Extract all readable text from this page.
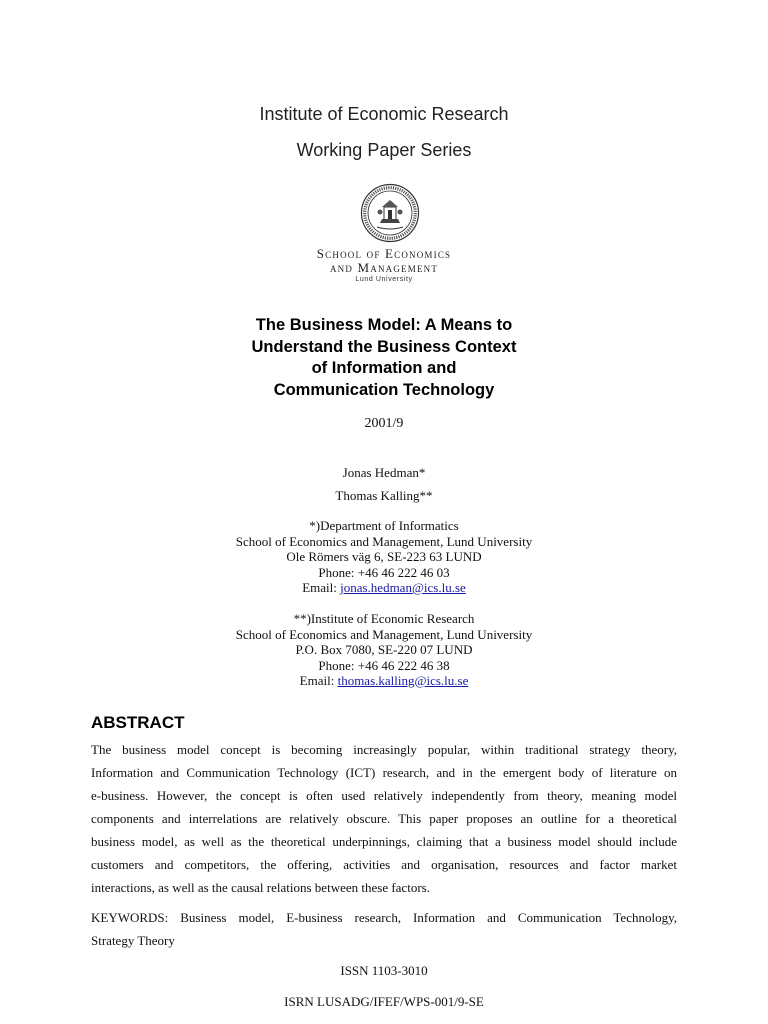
Institute of Economic Research
Working Paper Series
School of Economics
and Management
Lund University
The Business Model: A Means to
Understand the Business Context
of Information and
Communication Technology
2001/9
Jonas Hedman*
Thomas Kalling**
*)Department of Informatics
School of Economics and Management, Lund University
Ole Römers väg 6, SE-223 63 LUND
Phone: +46 46 222 46 03
Email: jonas.hedman@ics.lu.se
**)Institute of Economic Research
School of Economics and Management, Lund University
P.O. Box 7080, SE-220 07 LUND
Phone: +46 46 222 46 38
Email: thomas.kalling@ics.lu.se
ABSTRACT
The business model concept is becoming increasingly popular, within traditional strategy theory,
Information and Communication Technology (ICT) research, and in the emergent body of literature on
e-business. However, the concept is often used relatively independently from theory, meaning model
components and interrelations are relatively obscure. This paper proposes an outline for a theoretical
business model, as well as the theoretical underpinnings, claiming that a business model should include
customers and competitors, the offering, activities and organisation, resources and factor market
interactions, as well as the causal relations between these factors.
KEYWORDS: Business model, E-business research, Information and Communication Technology,
Strategy Theory
ISSN 1103-3010
ISRN LUSADG/IFEF/WPS-001/9-SE
